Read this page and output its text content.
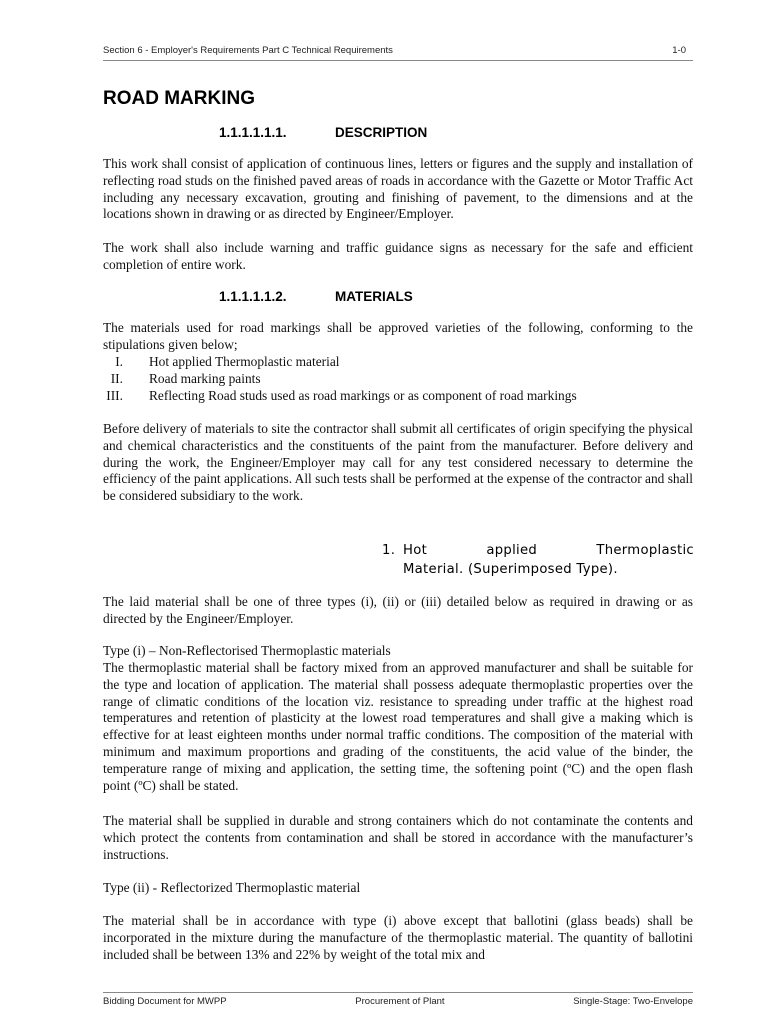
Section 6 - Employer's Requirements Part C Technical Requirements	1-0
ROAD MARKING
1.1.1.1.1.1.	DESCRIPTION

This work shall consist of application of continuous lines, letters or figures and the supply and installation of reflecting road studs on the finished paved areas of roads in accordance with the Gazette or Motor Traffic Act including any necessary excavation, grouting and finishing of pavement, to the dimensions and at the locations shown in drawing or as directed by Engineer/Employer.

The work shall also include warning and traffic guidance signs as necessary for the safe and efficient completion of entire work.

1.1.1.1.1.2.	MATERIALS

The materials used for road markings shall be approved varieties of the following, conforming to the stipulations given below;

I. Hot applied Thermoplastic material
II. Road marking paints
III. Reflecting Road studs used as road markings or as component of road markings

Before delivery of materials to site the contractor shall submit all certificates of origin specifying the physical and chemical characteristics and the constituents of the paint from the manufacturer. Before delivery and during the work, the Engineer/Employer may call for any test considered necessary to determine the efficiency of the paint applications. All such tests shall be performed at the expense of the contractor and shall be considered subsidiary to the work.

1. Hot applied Thermoplastic
Material. (Superimposed Type).

The laid material shall be one of three types (i), (ii) or (iii) detailed below as required in drawing or as directed by the Engineer/Employer.

Type (i) – Non-Reflectorised Thermoplastic materials

The thermoplastic material shall be factory mixed from an approved manufacturer and shall be suitable for the type and location of application. The material shall possess adequate thermoplastic properties over the range of climatic conditions of the location viz. resistance to spreading under traffic at the highest road temperatures and retention of plasticity at the lowest road temperatures and shall give a making which is effective for at least eighteen months under normal traffic conditions. The composition of the material with minimum and maximum proportions and grading of the constituents, the acid value of the binder, the temperature range of mixing and application, the setting time, the softening point (ºC) and the open flash point (ºC) shall be stated.

The material shall be supplied in durable and strong containers which do not contaminate the contents and which protect the contents from contamination and shall be stored in accordance with the manufacturer’s instructions.

Type (ii) - Reflectorized Thermoplastic material

The material shall be in accordance with type (i) above except that ballotini (glass beads) shall be incorporated in the mixture during the manufacture of the thermoplastic material. The quantity of ballotini included shall be between 13% and 22% by weight of the total mix and

Bidding Document for MWPP	Procurement of Plant	Single-Stage: Two-Envelope
